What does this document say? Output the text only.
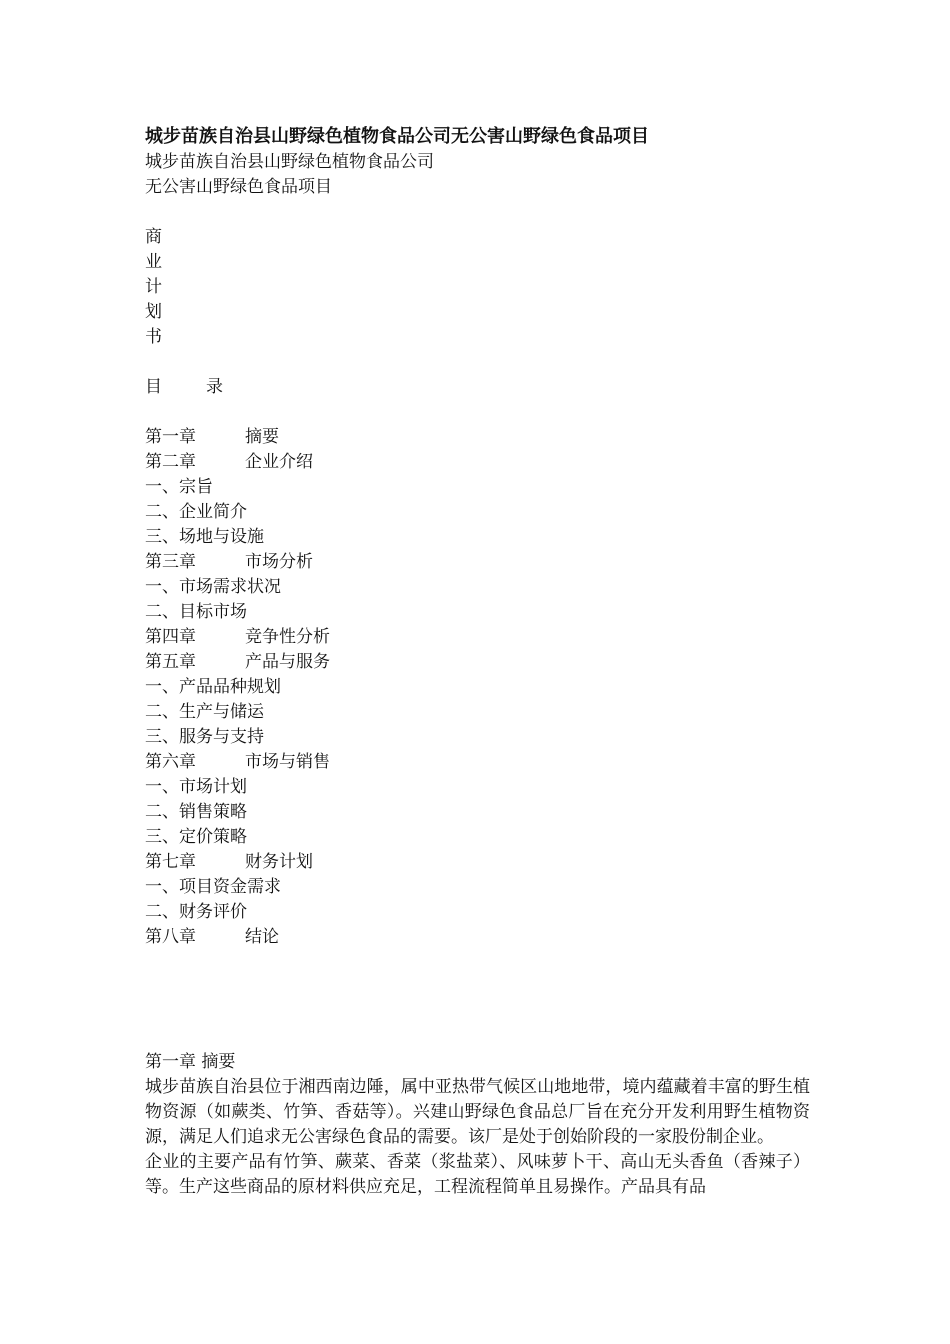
城步苗族自治县山野绿色植物食品公司无公害山野绿色食品项目

城步苗族自治县山野绿色植物食品公司

无公害山野绿色食品项目

商
业
计
划
书
目	录
第一章	摘要
第二章	企业介绍
一、宗旨
二、企业简介
三、场地与设施
第三章	市场分析
一、市场需求状况
二、目标市场
第四章	竞争性分析
第五章	产品与服务
一、产品品种规划
二、生产与储运
三、服务与支持
第六章	市场与销售
一、市场计划
二、销售策略
三、定价策略
第七章	财务计划
一、项目资金需求
二、财务评价
第八章	结论

第一章 摘要

城步苗族自治县位于湘西南边陲，属中亚热带气候区山地地带，境内蕴藏着丰富的野生植物资源（如蕨类、竹笋、香菇等）。兴建山野绿色食品总厂旨在充分开发利用野生植物资源，满足人们追求无公害绿色食品的需要。该厂是处于创始阶段的一家股份制企业。

企业的主要产品有竹笋、蕨菜、香菜（浆盐菜）、风味萝卜干、高山无头香鱼（香辣子）等。生产这些商品的原材料供应充足，工程流程简单且易操作。产品具有品
